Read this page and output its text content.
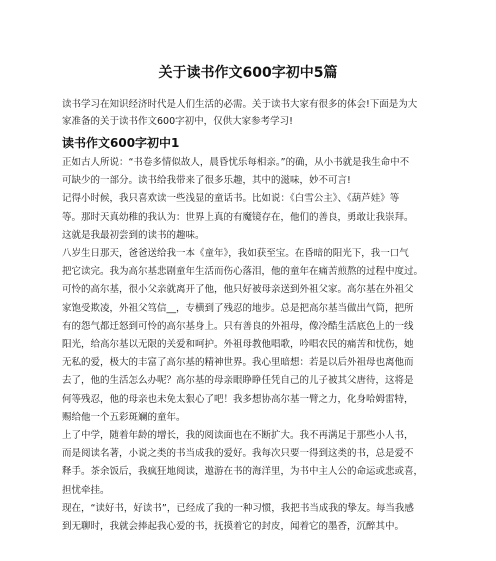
关于读书作文600字初中5篇
读书学习在知识经济时代是人们生活的必需。关于读书大家有很多的体会!下面是为大
家准备的关于读书作文600字初中，仅供大家参考学习!
读书作文600字初中1
正如古人所说：“书卷多情似故人，晨昏忧乐每相亲。”的确，从小书就是我生命中不
可缺少的一部分。读书给我带来了很多乐趣，其中的滋味，妙不可言!
记得小时候，我只喜欢读一些浅显的童话书。比如说：《白雪公主》、《葫芦娃》等
等。那时天真幼稚的我认为：世界上真的有魔镜存在，他们的善良，勇敢让我崇拜。
这就是我最初尝到的读书的趣味。
八岁生日那天，爸爸送给我一本《童年》，我如获至宝。在昏暗的阳光下，我一口气
把它读完。我为高尔基悲剧童年生活而伤心落泪，他的童年在痛苦煎熬的过程中度过。
可怜的高尔基，很小父亲就离开了他，他只好被母亲送到外祖父家。高尔基在外祖父
家饱受欺凌，外祖父笃信__，专横到了残忍的地步。总是把高尔基当做出气筒，把所
有的怨气都迁怒到可怜的高尔基身上。只有善良的外祖母，像冷酷生活底色上的一线
阳光，给高尔基以无限的关爱和呵护。外祖母教他唱歌，吟唱农民的痛苦和忧伤，她
无私的爱，极大的丰富了高尔基的精神世界。我心里暗想：若是以后外祖母也离他而
去了，他的生活怎么办呢？高尔基的母亲眼睁睁任凭自己的儿子被其父唐待，这将是
何等残忍，他的母亲也未免太狠心了吧！我多想协高尔基一臂之力，化身哈姆雷特，
赐给他一个五彩斑斓的童年。
上了中学，随着年龄的增长，我的阅读面也在不断扩大。我不再满足于那些小人书，
而是阅读名著，小说之类的书当成我的爱好。我每次只要一得到这类的书，总是爱不
释手。茶余饭后，我疯狂地阅读，遨游在书的海洋里，为书中主人公的命运或悲或喜，
担忧牵挂。
现在，“读好书，好读书”，已经成了我的一种习惯，我把书当成我的挚友。每当我感
到无聊时，我就会捧起我心爱的书，抚摸着它的封皮，闻着它的墨香，沉醉其中。
